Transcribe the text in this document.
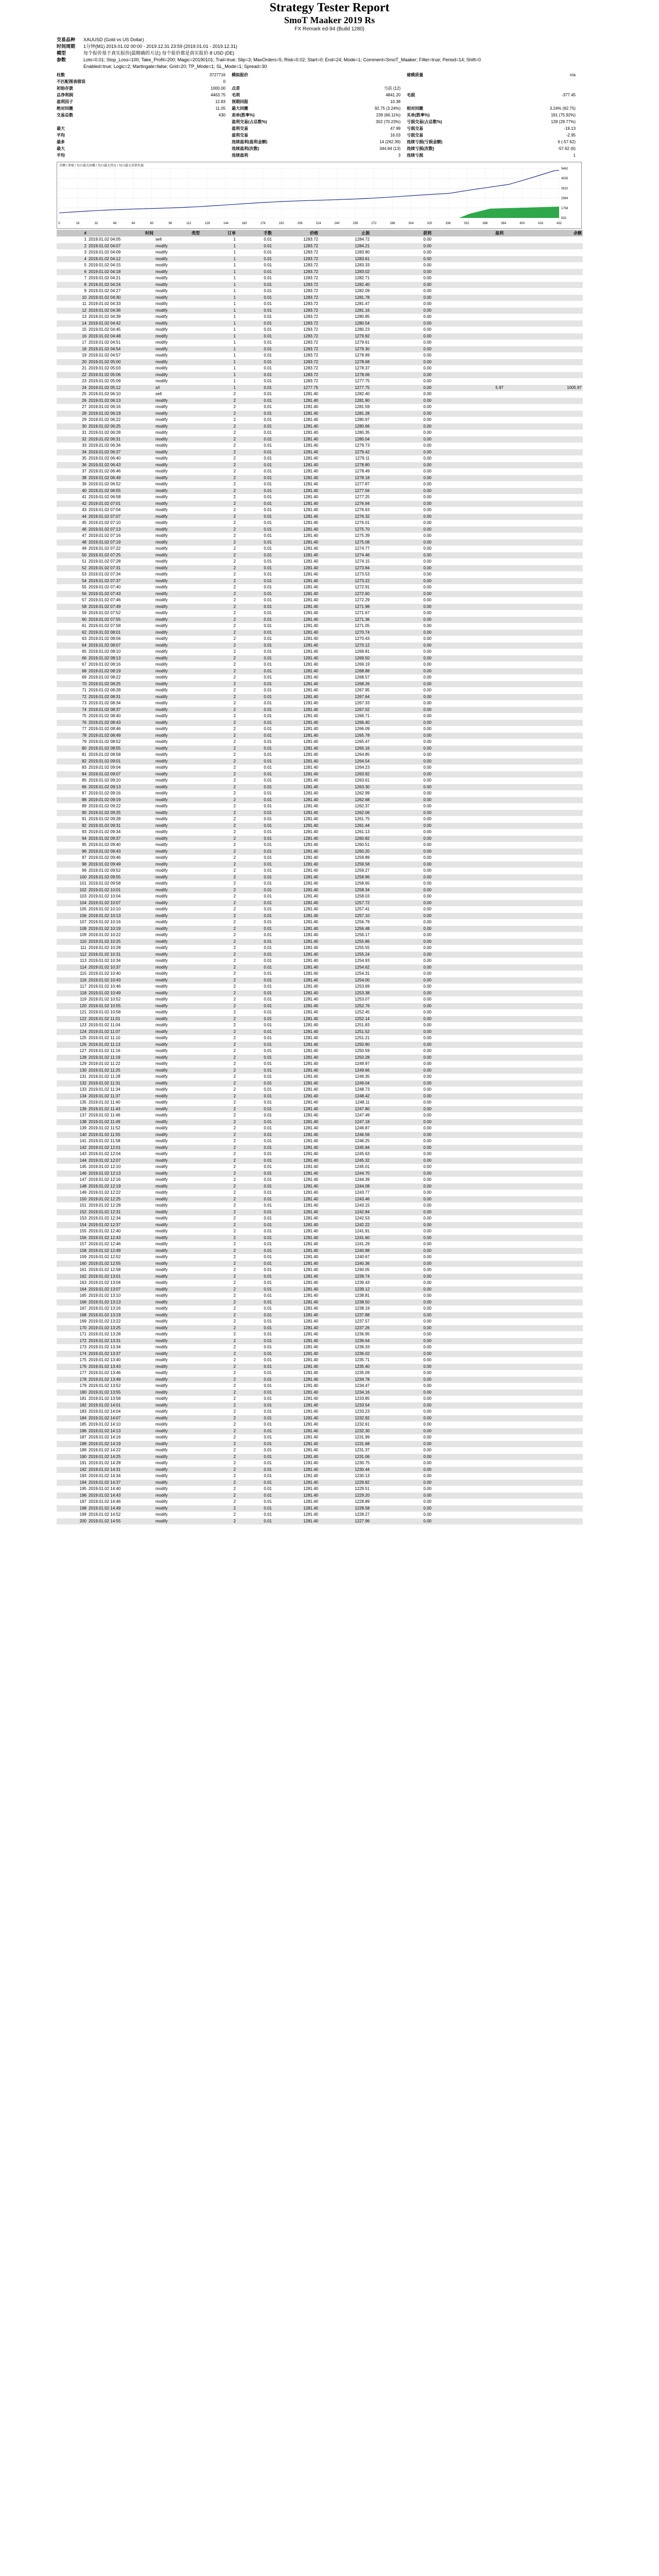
Strategy Tester Report
SmoТ Maaker 2019 Rs
FX Remark ed-94 (Build 1280)
交易品种	XAUUSD (Gold vs US Dollar)
时间周期	1分钟(M1) 2019.01.02 00:00 - 2019.12.31 23:59 (2019.01.01 - 2019.12.31)
模型	每个报价基于真实报价(最精确的方法) 每个报价都是真实报价·8 USD (DE)
参数	Lots=0.01; Stop_Loss=100; Take_Profit=200; Magic=20190101; Trail=true; Slip=3; MaxOrders=5; Risk=0.02; Start=0; End=24; Mode=1; Comment=SmoT_Maaker; Filter=true; Period=14; Shift=0
Enabled=true; Logic=2; Martingale=false; Grid=20; TP_Mode=1; SL_Mode=1; Spread=30
柱数	3727716 模拟报价	建模质量	n/a
不匹配图表错误	0
初始存款	1000.00 点差	当前 (12)
总净利润	4463.75 毛利	4841.20 毛损	-377.45
盈利因子	12.83 预期回报	10.38
绝对回撤	11.05 最大回撤	92.75 (3.24%) 相对回撤	3.24% (92.75)
交易总数	430 卖单(胜率%)	239 (66.11%) 买单(胜率%)	191 (75.92%)
盈利交易(占总数%)	302 (70.23%) 亏损交易(占总数%)	128 (29.77%)
最大	盈利交易	47.99 亏损交易	-19.13
平均	盈利交易	16.03 亏损交易	-2.95
最多	连续盈利(盈利金额)	14 (262.39) 连续亏损(亏损金额)	6 (-57.62)
最大	连续盈利(次数)	344.84 (13) 连续亏损(次数)	-57.62 (6)
平均	连续盈利	3 连续亏损	1
余额 / 净值 / 每日最大回撤 / 每日最大持仓 / 每日最大存款负载
5462
4535
3610
2684
1758
832
0	16	32	48	64	80	96	112	128	144	160	176	192	208	224	240	256	272	288	304	320	336	352	368	384	400	416	432
#	时间	类型	订单	手数	价格	止损	获利	盈利	余额
1	2019.01.02 04:05	sell	1	0.01	1283.72	1284.72	0.00		
2	2019.01.02 04:07	modify	1	0.01	1283.72	1284.21	0.00		
3	2019.01.02 04:09	modify	1	0.01	1283.72	1283.90	0.00		
4	2019.01.02 04:12	modify	1	0.01	1283.72	1283.61	0.00		
5	2019.01.02 04:15	modify	1	0.01	1283.72	1283.33	0.00		
6	2019.01.02 04:18	modify	1	0.01	1283.72	1283.02	0.00		
7	2019.01.02 04:21	modify	1	0.01	1283.72	1282.71	0.00		
8	2019.01.02 04:24	modify	1	0.01	1283.72	1282.40	0.00		
9	2019.01.02 04:27	modify	1	0.01	1283.72	1282.09	0.00		
10	2019.01.02 04:30	modify	1	0.01	1283.72	1281.78	0.00		
11	2019.01.02 04:33	modify	1	0.01	1283.72	1281.47	0.00		
12	2019.01.02 04:36	modify	1	0.01	1283.72	1281.16	0.00		
13	2019.01.02 04:39	modify	1	0.01	1283.72	1280.85	0.00		
14	2019.01.02 04:42	modify	1	0.01	1283.72	1280.54	0.00		
15	2019.01.02 04:45	modify	1	0.01	1283.72	1280.23	0.00		
16	2019.01.02 04:48	modify	1	0.01	1283.72	1279.92	0.00		
17	2019.01.02 04:51	modify	1	0.01	1283.72	1279.61	0.00		
18	2019.01.02 04:54	modify	1	0.01	1283.72	1279.30	0.00		
19	2019.01.02 04:57	modify	1	0.01	1283.72	1278.99	0.00		
20	2019.01.02 05:00	modify	1	0.01	1283.72	1278.68	0.00		
21	2019.01.02 05:03	modify	1	0.01	1283.72	1278.37	0.00		
22	2019.01.02 05:06	modify	1	0.01	1283.72	1278.06	0.00		
23	2019.01.02 05:09	modify	1	0.01	1283.72	1277.75	0.00		
24	2019.01.02 05:12	s/l	1	0.01	1277.75	1277.75	0.00	5.97	1005.97
25	2019.01.02 06:10	sell	2	0.01	1281.40	1282.40	0.00		
26	2019.01.02 06:13	modify	2	0.01	1281.40	1281.90	0.00		
27	2019.01.02 06:16	modify	2	0.01	1281.40	1281.59	0.00		
28	2019.01.02 06:19	modify	2	0.01	1281.40	1281.28	0.00		
29	2019.01.02 06:22	modify	2	0.01	1281.40	1280.97	0.00		
30	2019.01.02 06:25	modify	2	0.01	1281.40	1280.66	0.00		
31	2019.01.02 06:28	modify	2	0.01	1281.40	1280.35	0.00		
32	2019.01.02 06:31	modify	2	0.01	1281.40	1280.04	0.00		
33	2019.01.02 06:34	modify	2	0.01	1281.40	1279.73	0.00		
34	2019.01.02 06:37	modify	2	0.01	1281.40	1279.42	0.00		
35	2019.01.02 06:40	modify	2	0.01	1281.40	1279.11	0.00		
36	2019.01.02 06:43	modify	2	0.01	1281.40	1278.80	0.00		
37	2019.01.02 06:46	modify	2	0.01	1281.40	1278.49	0.00		
38	2019.01.02 06:49	modify	2	0.01	1281.40	1278.18	0.00		
39	2019.01.02 06:52	modify	2	0.01	1281.40	1277.87	0.00		
40	2019.01.02 06:55	modify	2	0.01	1281.40	1277.56	0.00		
41	2019.01.02 06:58	modify	2	0.01	1281.40	1277.25	0.00		
42	2019.01.02 07:01	modify	2	0.01	1281.40	1276.94	0.00		
43	2019.01.02 07:04	modify	2	0.01	1281.40	1276.63	0.00		
44	2019.01.02 07:07	modify	2	0.01	1281.40	1276.32	0.00		
45	2019.01.02 07:10	modify	2	0.01	1281.40	1276.01	0.00		
46	2019.01.02 07:13	modify	2	0.01	1281.40	1275.70	0.00		
47	2019.01.02 07:16	modify	2	0.01	1281.40	1275.39	0.00		
48	2019.01.02 07:19	modify	2	0.01	1281.40	1275.08	0.00		
49	2019.01.02 07:22	modify	2	0.01	1281.40	1274.77	0.00		
50	2019.01.02 07:25	modify	2	0.01	1281.40	1274.46	0.00		
51	2019.01.02 07:28	modify	2	0.01	1281.40	1274.15	0.00		
52	2019.01.02 07:31	modify	2	0.01	1281.40	1273.84	0.00		
53	2019.01.02 07:34	modify	2	0.01	1281.40	1273.53	0.00		
54	2019.01.02 07:37	modify	2	0.01	1281.40	1273.22	0.00		
55	2019.01.02 07:40	modify	2	0.01	1281.40	1272.91	0.00		
56	2019.01.02 07:43	modify	2	0.01	1281.40	1272.60	0.00		
57	2019.01.02 07:46	modify	2	0.01	1281.40	1272.29	0.00		
58	2019.01.02 07:49	modify	2	0.01	1281.40	1271.98	0.00		
59	2019.01.02 07:52	modify	2	0.01	1281.40	1271.67	0.00		
60	2019.01.02 07:55	modify	2	0.01	1281.40	1271.36	0.00		
61	2019.01.02 07:58	modify	2	0.01	1281.40	1271.05	0.00		
62	2019.01.02 08:01	modify	2	0.01	1281.40	1270.74	0.00		
63	2019.01.02 08:04	modify	2	0.01	1281.40	1270.43	0.00		
64	2019.01.02 08:07	modify	2	0.01	1281.40	1270.12	0.00		
65	2019.01.02 08:10	modify	2	0.01	1281.40	1269.81	0.00		
66	2019.01.02 08:13	modify	2	0.01	1281.40	1269.50	0.00		
67	2019.01.02 08:16	modify	2	0.01	1281.40	1269.19	0.00		
68	2019.01.02 08:19	modify	2	0.01	1281.40	1268.88	0.00		
69	2019.01.02 08:22	modify	2	0.01	1281.40	1268.57	0.00		
70	2019.01.02 08:25	modify	2	0.01	1281.40	1268.26	0.00		
71	2019.01.02 08:28	modify	2	0.01	1281.40	1267.95	0.00		
72	2019.01.02 08:31	modify	2	0.01	1281.40	1267.64	0.00		
73	2019.01.02 08:34	modify	2	0.01	1281.40	1267.33	0.00		
74	2019.01.02 08:37	modify	2	0.01	1281.40	1267.02	0.00		
75	2019.01.02 08:40	modify	2	0.01	1281.40	1266.71	0.00		
76	2019.01.02 08:43	modify	2	0.01	1281.40	1266.40	0.00		
77	2019.01.02 08:46	modify	2	0.01	1281.40	1266.09	0.00		
78	2019.01.02 08:49	modify	2	0.01	1281.40	1265.78	0.00		
79	2019.01.02 08:52	modify	2	0.01	1281.40	1265.47	0.00		
80	2019.01.02 08:55	modify	2	0.01	1281.40	1265.16	0.00		
81	2019.01.02 08:58	modify	2	0.01	1281.40	1264.85	0.00		
82	2019.01.02 09:01	modify	2	0.01	1281.40	1264.54	0.00		
83	2019.01.02 09:04	modify	2	0.01	1281.40	1264.23	0.00		
84	2019.01.02 09:07	modify	2	0.01	1281.40	1263.92	0.00		
85	2019.01.02 09:10	modify	2	0.01	1281.40	1263.61	0.00		
86	2019.01.02 09:13	modify	2	0.01	1281.40	1263.30	0.00		
87	2019.01.02 09:16	modify	2	0.01	1281.40	1262.99	0.00		
88	2019.01.02 09:19	modify	2	0.01	1281.40	1262.68	0.00		
89	2019.01.02 09:22	modify	2	0.01	1281.40	1262.37	0.00		
90	2019.01.02 09:25	modify	2	0.01	1281.40	1262.06	0.00		
91	2019.01.02 09:28	modify	2	0.01	1281.40	1261.75	0.00		
92	2019.01.02 09:31	modify	2	0.01	1281.40	1261.44	0.00		
93	2019.01.02 09:34	modify	2	0.01	1281.40	1261.13	0.00		
94	2019.01.02 09:37	modify	2	0.01	1281.40	1260.82	0.00		
95	2019.01.02 09:40	modify	2	0.01	1281.40	1260.51	0.00		
96	2019.01.02 09:43	modify	2	0.01	1281.40	1260.20	0.00		
97	2019.01.02 09:46	modify	2	0.01	1281.40	1259.89	0.00		
98	2019.01.02 09:49	modify	2	0.01	1281.40	1259.58	0.00		
99	2019.01.02 09:52	modify	2	0.01	1281.40	1259.27	0.00		
100	2019.01.02 09:55	modify	2	0.01	1281.40	1258.96	0.00		
101	2019.01.02 09:58	modify	2	0.01	1281.40	1258.65	0.00		
102	2019.01.02 10:01	modify	2	0.01	1281.40	1258.34	0.00		
103	2019.01.02 10:04	modify	2	0.01	1281.40	1258.03	0.00		
104	2019.01.02 10:07	modify	2	0.01	1281.40	1257.72	0.00		
105	2019.01.02 10:10	modify	2	0.01	1281.40	1257.41	0.00		
106	2019.01.02 10:13	modify	2	0.01	1281.40	1257.10	0.00		
107	2019.01.02 10:16	modify	2	0.01	1281.40	1256.79	0.00		
108	2019.01.02 10:19	modify	2	0.01	1281.40	1256.48	0.00		
109	2019.01.02 10:22	modify	2	0.01	1281.40	1256.17	0.00		
110	2019.01.02 10:25	modify	2	0.01	1281.40	1255.86	0.00		
111	2019.01.02 10:28	modify	2	0.01	1281.40	1255.55	0.00		
112	2019.01.02 10:31	modify	2	0.01	1281.40	1255.24	0.00		
113	2019.01.02 10:34	modify	2	0.01	1281.40	1254.93	0.00		
114	2019.01.02 10:37	modify	2	0.01	1281.40	1254.62	0.00		
115	2019.01.02 10:40	modify	2	0.01	1281.40	1254.31	0.00		
116	2019.01.02 10:43	modify	2	0.01	1281.40	1254.00	0.00		
117	2019.01.02 10:46	modify	2	0.01	1281.40	1253.69	0.00		
118	2019.01.02 10:49	modify	2	0.01	1281.40	1253.38	0.00		
119	2019.01.02 10:52	modify	2	0.01	1281.40	1253.07	0.00		
120	2019.01.02 10:55	modify	2	0.01	1281.40	1252.76	0.00		
121	2019.01.02 10:58	modify	2	0.01	1281.40	1252.45	0.00		
122	2019.01.02 11:01	modify	2	0.01	1281.40	1252.14	0.00		
123	2019.01.02 11:04	modify	2	0.01	1281.40	1251.83	0.00		
124	2019.01.02 11:07	modify	2	0.01	1281.40	1251.52	0.00		
125	2019.01.02 11:10	modify	2	0.01	1281.40	1251.21	0.00		
126	2019.01.02 11:13	modify	2	0.01	1281.40	1250.90	0.00		
127	2019.01.02 11:16	modify	2	0.01	1281.40	1250.59	0.00		
128	2019.01.02 11:19	modify	2	0.01	1281.40	1250.28	0.00		
129	2019.01.02 11:22	modify	2	0.01	1281.40	1249.97	0.00		
130	2019.01.02 11:25	modify	2	0.01	1281.40	1249.66	0.00		
131	2019.01.02 11:28	modify	2	0.01	1281.40	1249.35	0.00		
132	2019.01.02 11:31	modify	2	0.01	1281.40	1249.04	0.00		
133	2019.01.02 11:34	modify	2	0.01	1281.40	1248.73	0.00		
134	2019.01.02 11:37	modify	2	0.01	1281.40	1248.42	0.00		
135	2019.01.02 11:40	modify	2	0.01	1281.40	1248.11	0.00		
136	2019.01.02 11:43	modify	2	0.01	1281.40	1247.80	0.00		
137	2019.01.02 11:46	modify	2	0.01	1281.40	1247.49	0.00		
138	2019.01.02 11:49	modify	2	0.01	1281.40	1247.18	0.00		
139	2019.01.02 11:52	modify	2	0.01	1281.40	1246.87	0.00		
140	2019.01.02 11:55	modify	2	0.01	1281.40	1246.56	0.00		
141	2019.01.02 11:58	modify	2	0.01	1281.40	1246.25	0.00		
142	2019.01.02 12:01	modify	2	0.01	1281.40	1245.94	0.00		
143	2019.01.02 12:04	modify	2	0.01	1281.40	1245.63	0.00		
144	2019.01.02 12:07	modify	2	0.01	1281.40	1245.32	0.00		
145	2019.01.02 12:10	modify	2	0.01	1281.40	1245.01	0.00		
146	2019.01.02 12:13	modify	2	0.01	1281.40	1244.70	0.00		
147	2019.01.02 12:16	modify	2	0.01	1281.40	1244.39	0.00		
148	2019.01.02 12:19	modify	2	0.01	1281.40	1244.08	0.00		
149	2019.01.02 12:22	modify	2	0.01	1281.40	1243.77	0.00		
150	2019.01.02 12:25	modify	2	0.01	1281.40	1243.46	0.00		
151	2019.01.02 12:28	modify	2	0.01	1281.40	1243.15	0.00		
152	2019.01.02 12:31	modify	2	0.01	1281.40	1242.84	0.00		
153	2019.01.02 12:34	modify	2	0.01	1281.40	1242.53	0.00		
154	2019.01.02 12:37	modify	2	0.01	1281.40	1242.22	0.00		
155	2019.01.02 12:40	modify	2	0.01	1281.40	1241.91	0.00		
156	2019.01.02 12:43	modify	2	0.01	1281.40	1241.60	0.00		
157	2019.01.02 12:46	modify	2	0.01	1281.40	1241.29	0.00		
158	2019.01.02 12:49	modify	2	0.01	1281.40	1240.98	0.00		
159	2019.01.02 12:52	modify	2	0.01	1281.40	1240.67	0.00		
160	2019.01.02 12:55	modify	2	0.01	1281.40	1240.36	0.00		
161	2019.01.02 12:58	modify	2	0.01	1281.40	1240.05	0.00		
162	2019.01.02 13:01	modify	2	0.01	1281.40	1239.74	0.00		
163	2019.01.02 13:04	modify	2	0.01	1281.40	1239.43	0.00		
164	2019.01.02 13:07	modify	2	0.01	1281.40	1239.12	0.00		
165	2019.01.02 13:10	modify	2	0.01	1281.40	1238.81	0.00		
166	2019.01.02 13:13	modify	2	0.01	1281.40	1238.50	0.00		
167	2019.01.02 13:16	modify	2	0.01	1281.40	1238.19	0.00		
168	2019.01.02 13:19	modify	2	0.01	1281.40	1237.88	0.00		
169	2019.01.02 13:22	modify	2	0.01	1281.40	1237.57	0.00		
170	2019.01.02 13:25	modify	2	0.01	1281.40	1237.26	0.00		
171	2019.01.02 13:28	modify	2	0.01	1281.40	1236.95	0.00		
172	2019.01.02 13:31	modify	2	0.01	1281.40	1236.64	0.00		
173	2019.01.02 13:34	modify	2	0.01	1281.40	1236.33	0.00		
174	2019.01.02 13:37	modify	2	0.01	1281.40	1236.02	0.00		
175	2019.01.02 13:40	modify	2	0.01	1281.40	1235.71	0.00		
176	2019.01.02 13:43	modify	2	0.01	1281.40	1235.40	0.00		
177	2019.01.02 13:46	modify	2	0.01	1281.40	1235.09	0.00		
178	2019.01.02 13:49	modify	2	0.01	1281.40	1234.78	0.00		
179	2019.01.02 13:52	modify	2	0.01	1281.40	1234.47	0.00		
180	2019.01.02 13:55	modify	2	0.01	1281.40	1234.16	0.00		
181	2019.01.02 13:58	modify	2	0.01	1281.40	1233.85	0.00		
182	2019.01.02 14:01	modify	2	0.01	1281.40	1233.54	0.00		
183	2019.01.02 14:04	modify	2	0.01	1281.40	1233.23	0.00		
184	2019.01.02 14:07	modify	2	0.01	1281.40	1232.92	0.00		
185	2019.01.02 14:10	modify	2	0.01	1281.40	1232.61	0.00		
186	2019.01.02 14:13	modify	2	0.01	1281.40	1232.30	0.00		
187	2019.01.02 14:16	modify	2	0.01	1281.40	1231.99	0.00		
188	2019.01.02 14:19	modify	2	0.01	1281.40	1231.68	0.00		
189	2019.01.02 14:22	modify	2	0.01	1281.40	1231.37	0.00		
190	2019.01.02 14:25	modify	2	0.01	1281.40	1231.06	0.00		
191	2019.01.02 14:28	modify	2	0.01	1281.40	1230.75	0.00		
192	2019.01.02 14:31	modify	2	0.01	1281.40	1230.44	0.00		
193	2019.01.02 14:34	modify	2	0.01	1281.40	1230.13	0.00		
194	2019.01.02 14:37	modify	2	0.01	1281.40	1229.82	0.00		
195	2019.01.02 14:40	modify	2	0.01	1281.40	1229.51	0.00		
196	2019.01.02 14:43	modify	2	0.01	1281.40	1229.20	0.00		
197	2019.01.02 14:46	modify	2	0.01	1281.40	1228.89	0.00		
198	2019.01.02 14:49	modify	2	0.01	1281.40	1228.58	0.00		
199	2019.01.02 14:52	modify	2	0.01	1281.40	1228.27	0.00		
200	2019.01.02 14:55	modify	2	0.01	1281.40	1227.96	0.00		
